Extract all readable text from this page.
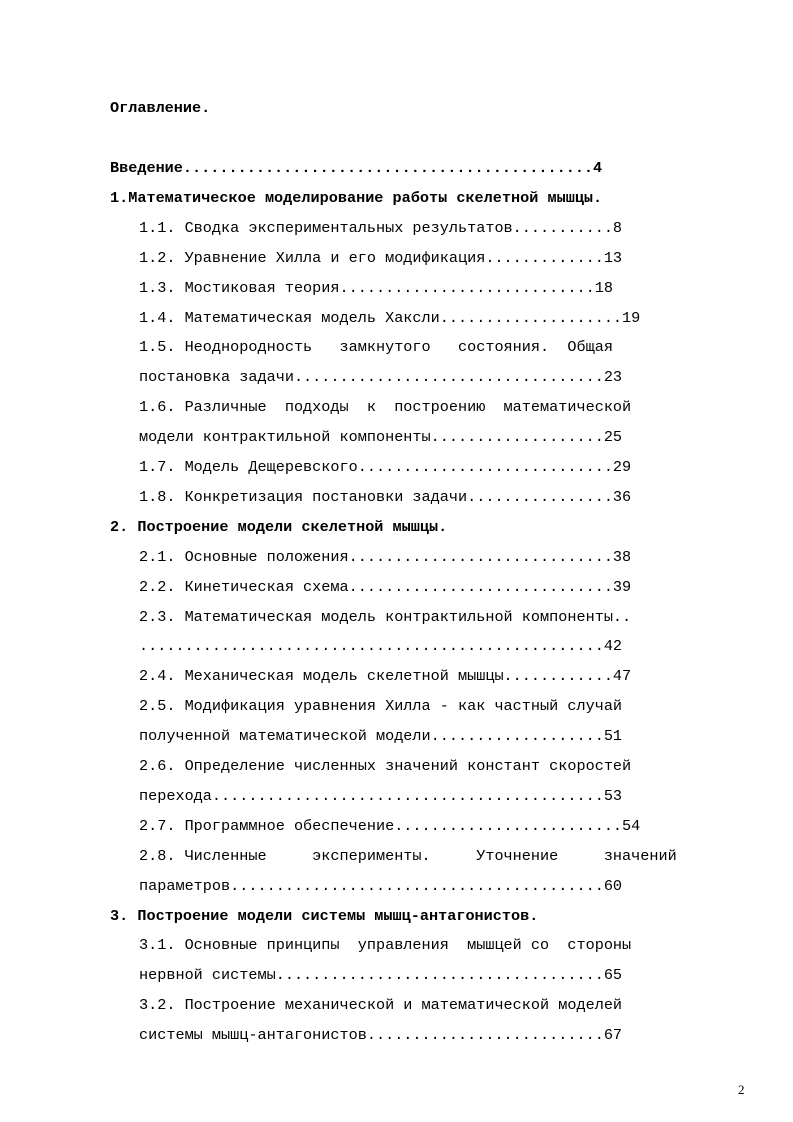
Оглавление.
Введение.............................................4
1.Математическое моделирование работы скелетной мышцы.
1.1. Сводка экспериментальных результатов...........8
1.2. Уравнение Хилла и его модификация.............13
1.3. Мостиковая теория............................18
1.4. Математическая модель Хаксли....................19
1.5. Неоднородность   замкнутого   состояния.  Общая
постановка задачи..................................23
1.6. Различные  подходы  к  построению  математической
модели контрактильной компоненты...................25
1.7. Модель Дещеревского............................29
1.8. Конкретизация постановки задачи................36
2. Построение модели скелетной мышцы.
2.1. Основные положения.............................38
2.2. Кинетическая схема.............................39
2.3. Математическая модель контрактильной компоненты..
...................................................42
2.4. Механическая модель скелетной мышцы............47
2.5. Модификация уравнения Хилла - как частный случай
полученной математической модели...................51
2.6. Определение численных значений констант скоростей
перехода...........................................53
2.7. Программное обеспечение.........................54
2.8. Численные     эксперименты.     Уточнение     значений
параметров.........................................60
3. Построение модели системы мышц-антагонистов.
3.1. Основные принципы  управления  мышцей со  стороны
нервной системы....................................65
3.2. Построение механической и математической моделей
системы мышц-антагонистов..........................67
2
